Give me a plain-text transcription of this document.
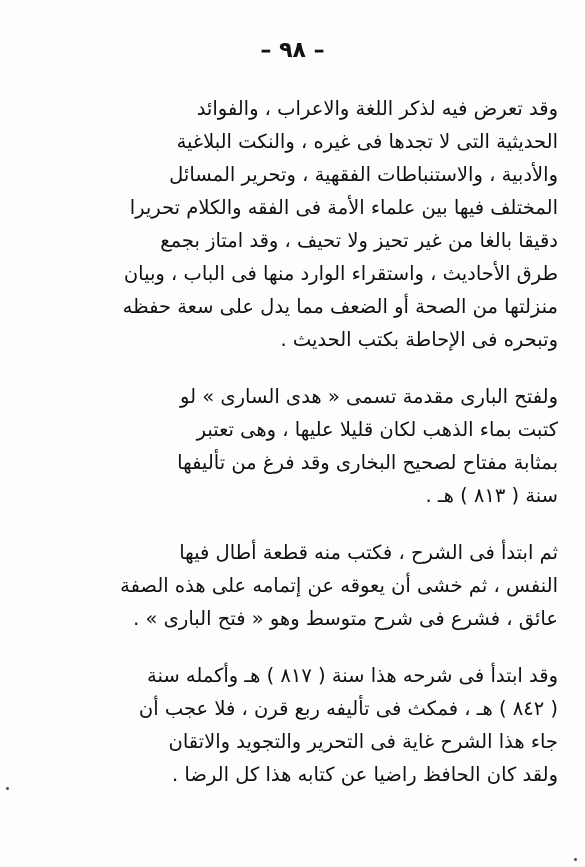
– ٩٨ –

وقد تعرض فيه لذكر اللغة والاعراب ، والفوائد
الحديثية التى لا تجدها فى غيره ، والنكت البلاغية
والأدبية ، والاستنباطات الفقهية ، وتحرير المسائل
المختلف فيها بين علماء الأمة فى الفقه والكلام تحريرا
دقيقا بالغا من غير تحيز ولا تحيف ، وقد امتاز بجمع
طرق الأحاديث ، واستقراء الوارد منها فى الباب ، وبيان
منزلتها من الصحة أو الضعف مما يدل على سعة حفظه
وتبحره فى الإحاطة بكتب الحديث .

ولفتح البارى مقدمة تسمى « هدى السارى » لو
كتبت بماء الذهب لكان قليلا عليها ، وهى تعتبر
بمثابة مفتاح لصحيح البخارى وقد فرغ من تأليفها
سنة ( ٨١٣ ) هـ .

ثم ابتدأ فى الشرح ، فكتب منه قطعة أطال فيها
النفس ، ثم خشى أن يعوقه عن إتمامه على هذه الصفة
عائق ، فشرع فى شرح متوسط وهو « فتح البارى » .

وقد ابتدأ فى شرحه هذا سنة ( ٨١٧ ) هـ وأكمله سنة
( ٨٤٢ ) هـ ، فمكث فى تأليفه ربع قرن ، فلا عجب أن
جاء هذا الشرح غاية فى التحرير والتجويد والاتقان
ولقد كان الحافظ راضيا عن كتابه هذا كل الرضا .
